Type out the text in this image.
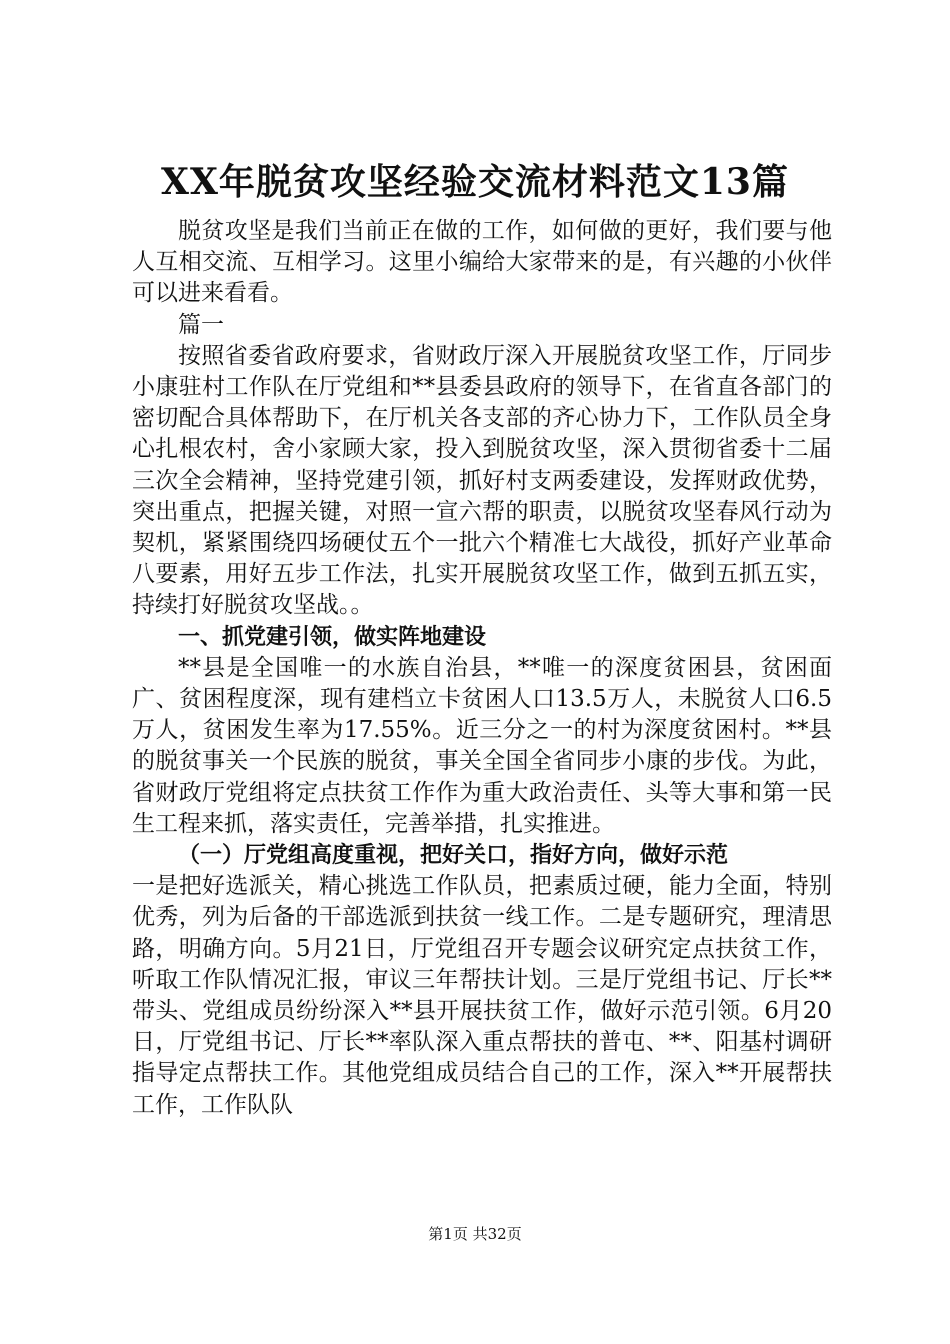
XX年脱贫攻坚经验交流材料范文13篇

脱贫攻坚是我们当前正在做的工作，如何做的更好，我们要与他人互相交流、互相学习。这里小编给大家带来的是，有兴趣的小伙伴可以进来看看。

篇一

按照省委省政府要求，省财政厅深入开展脱贫攻坚工作，厅同步小康驻村工作队在厅党组和**县委县政府的领导下，在省直各部门的密切配合具体帮助下，在厅机关各支部的齐心协力下，工作队员全身心扎根农村，舍小家顾大家，投入到脱贫攻坚，深入贯彻省委十二届三次全会精神，坚持党建引领，抓好村支两委建设，发挥财政优势，突出重点，把握关键，对照一宣六帮的职责，以脱贫攻坚春风行动为契机，紧紧围绕四场硬仗五个一批六个精准七大战役，抓好产业革命八要素，用好五步工作法，扎实开展脱贫攻坚工作，做到五抓五实，持续打好脱贫攻坚战。。

一、抓党建引领，做实阵地建设

**县是全国唯一的水族自治县，**唯一的深度贫困县，贫困面广、贫困程度深，现有建档立卡贫困人口13.5万人，未脱贫人口6.5万人，贫困发生率为17.55%。近三分之一的村为深度贫困村。**县的脱贫事关一个民族的脱贫，事关全国全省同步小康的步伐。为此，省财政厅党组将定点扶贫工作作为重大政治责任、头等大事和第一民生工程来抓，落实责任，完善举措，扎实推进。

（一）厅党组高度重视，把好关口，指好方向，做好示范

一是把好选派关，精心挑选工作队员，把素质过硬，能力全面，特别优秀，列为后备的干部选派到扶贫一线工作。二是专题研究，理清思路，明确方向。5月21日，厅党组召开专题会议研究定点扶贫工作，听取工作队情况汇报，审议三年帮扶计划。三是厅党组书记、厅长**带头、党组成员纷纷深入**县开展扶贫工作，做好示范引领。6月20日，厅党组书记、厅长**率队深入重点帮扶的普屯、**、阳基村调研指导定点帮扶工作。其他党组成员结合自己的工作，深入**开展帮扶工作，工作队队

第1页 共32页
